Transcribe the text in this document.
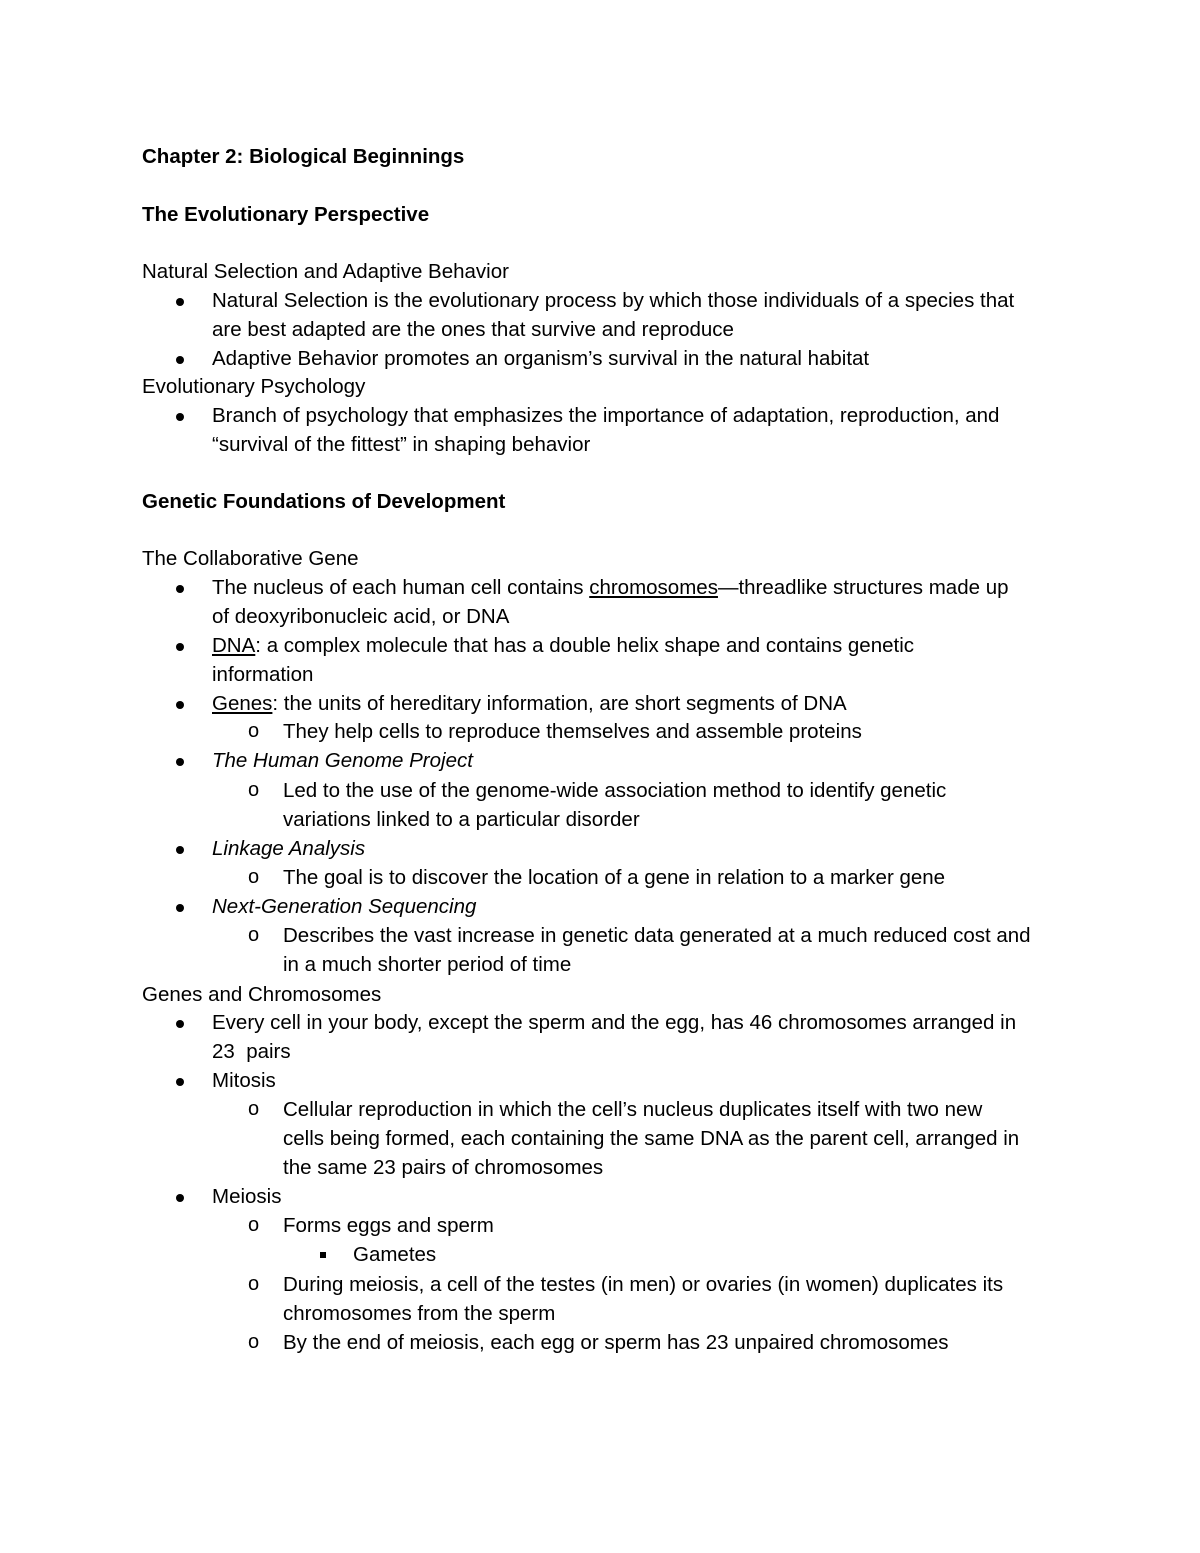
Chapter 2: Biological Beginnings
The Evolutionary Perspective
Natural Selection and Adaptive Behavior
Natural Selection is the evolutionary process by which those individuals of a species that
are best adapted are the ones that survive and reproduce
Adaptive Behavior promotes an organism’s survival in the natural habitat
Evolutionary Psychology
Branch of psychology that emphasizes the importance of adaptation, reproduction, and
“survival of the fittest” in shaping behavior
Genetic Foundations of Development
The Collaborative Gene
The nucleus of each human cell contains chromosomes—threadlike structures made up
of deoxyribonucleic acid, or DNA
DNA: a complex molecule that has a double helix shape and contains genetic
information
Genes: the units of hereditary information, are short segments of DNA
o They help cells to reproduce themselves and assemble proteins
The Human Genome Project
o Led to the use of the genome-wide association method to identify genetic
variations linked to a particular disorder
Linkage Analysis
o The goal is to discover the location of a gene in relation to a marker gene
Next-Generation Sequencing
o Describes the vast increase in genetic data generated at a much reduced cost and
in a much shorter period of time
Genes and Chromosomes
Every cell in your body, except the sperm and the egg, has 46 chromosomes arranged in
23  pairs
Mitosis
o Cellular reproduction in which the cell’s nucleus duplicates itself with two new
cells being formed, each containing the same DNA as the parent cell, arranged in
the same 23 pairs of chromosomes
Meiosis
o Forms eggs and sperm
Gametes
o During meiosis, a cell of the testes (in men) or ovaries (in women) duplicates its
chromosomes from the sperm
o By the end of meiosis, each egg or sperm has 23 unpaired chromosomes
